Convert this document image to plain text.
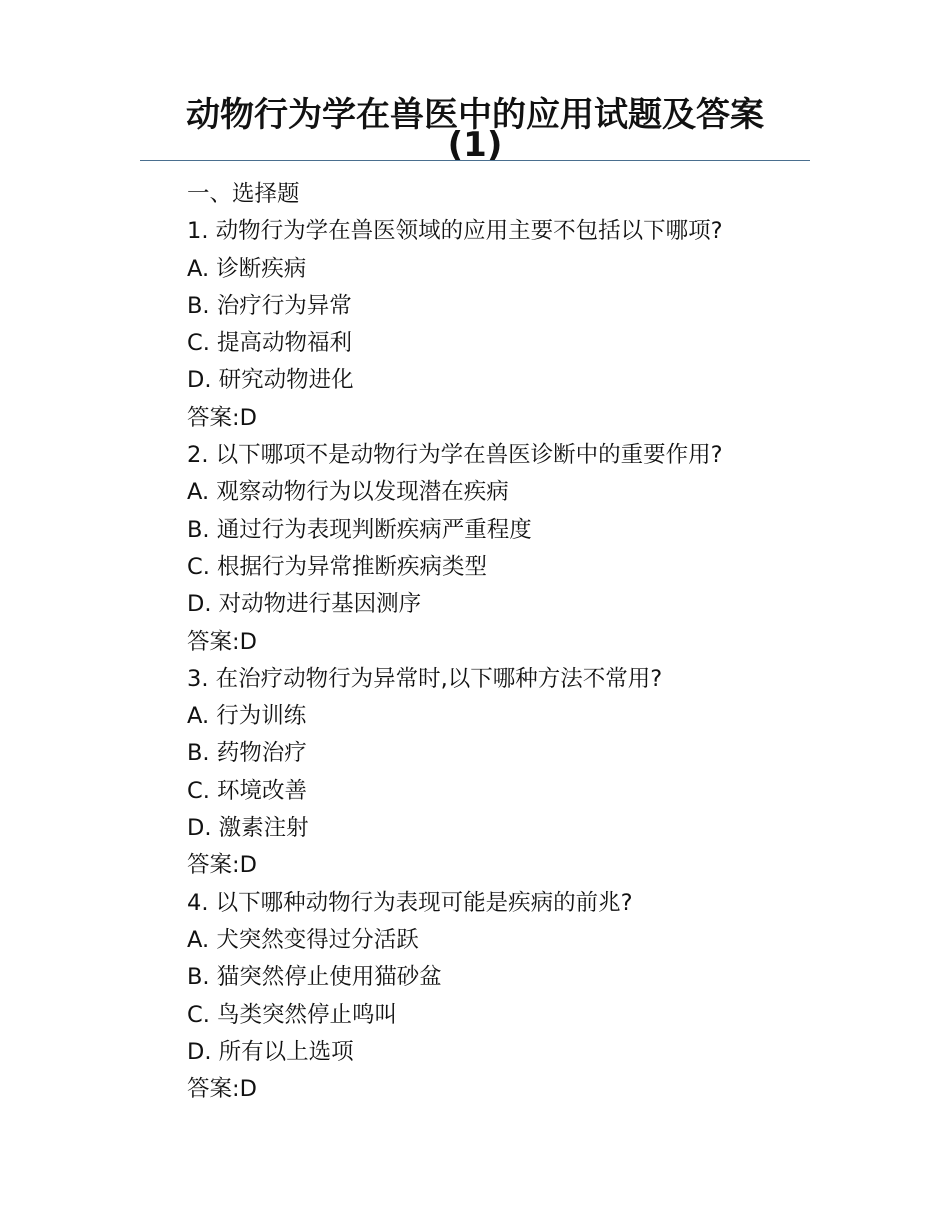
动物行为学在兽医中的应用试题及答案
(1)
一、选择题
1. 动物行为学在兽医领域的应用主要不包括以下哪项?
A. 诊断疾病
B. 治疗行为异常
C. 提高动物福利
D. 研究动物进化
答案:D
2. 以下哪项不是动物行为学在兽医诊断中的重要作用?
A. 观察动物行为以发现潜在疾病
B. 通过行为表现判断疾病严重程度
C. 根据行为异常推断疾病类型
D. 对动物进行基因测序
答案:D
3. 在治疗动物行为异常时,以下哪种方法不常用?
A. 行为训练
B. 药物治疗
C. 环境改善
D. 激素注射
答案:D
4. 以下哪种动物行为表现可能是疾病的前兆?
A. 犬突然变得过分活跃
B. 猫突然停止使用猫砂盆
C. 鸟类突然停止鸣叫
D. 所有以上选项
答案:D
